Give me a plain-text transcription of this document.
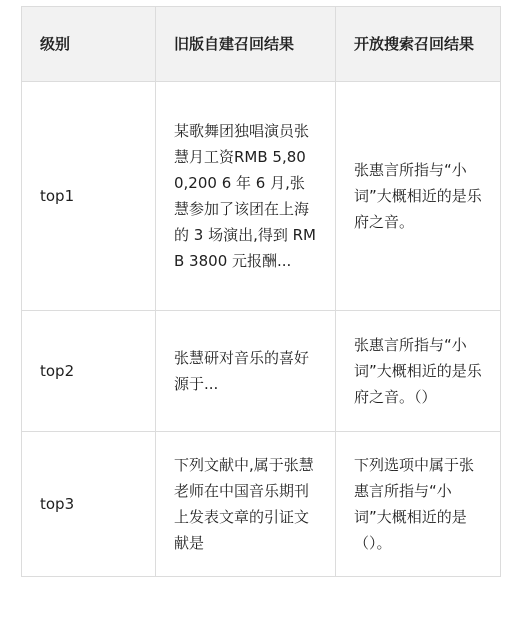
级别	旧版自建召回结果	开放搜索召回结果
top1	某歌舞团独唱演员张慧月工资RMB 5,800,200 6 年 6 月,张慧参加了该团在上海的 3 场演出,得到 RMB 3800 元报酬...	张惠言所指与“小词”大概相近的是乐府之音。
top2	张慧研对音乐的喜好源于...	张惠言所指与“小词”大概相近的是乐府之音。（）
top3	下列文献中,属于张慧老师在中国音乐期刊上发表文章的引证文献是	下列选项中属于张惠言所指与“小词”大概相近的是（）。
